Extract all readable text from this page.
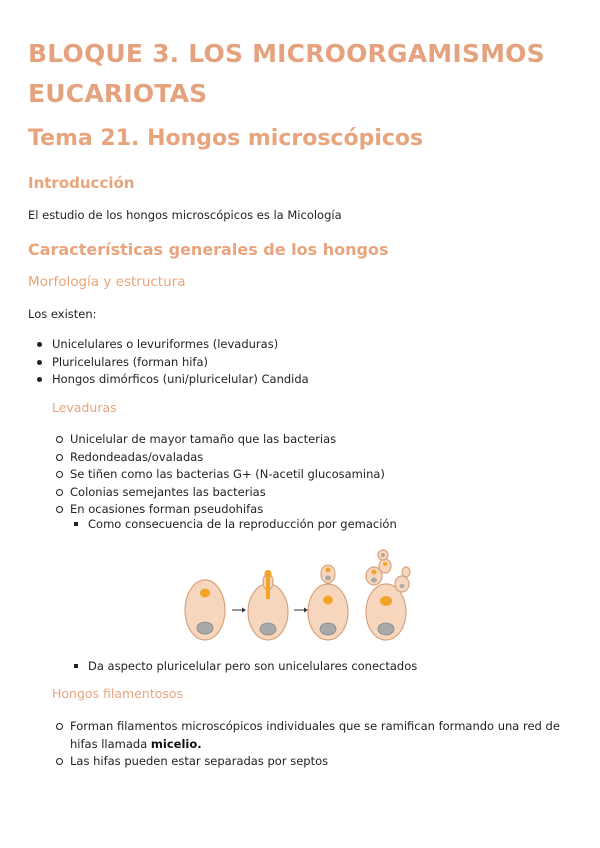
BLOQUE 3. LOS MICROORGAMISMOS EUCARIOTAS
Tema 21. Hongos microscópicos
Introducción
El estudio de los hongos microscópicos es la Micología
Características generales de los hongos
Morfología y estructura
Los existen:
Unicelulares o levuriformes (levaduras)
Pluricelulares (forman hifa)
Hongos dimórficos (uni/pluricelular) Candida
Levaduras
Unicelular de mayor tamaño que las bacterias
Redondeadas/ovaladas
Se tiñen como las bacterias G+ (N-acetil glucosamina)
Colonias semejantes las bacterias
En ocasiones forman pseudohifas
Como consecuencia de la reproducción por gemación
Da aspecto pluricelular pero son unicelulares conectados
Hongos filamentosos
Forman filamentos microscópicos individuales que se ramifican formando una red de hifas llamada micelio.
Las hifas pueden estar separadas por septos
